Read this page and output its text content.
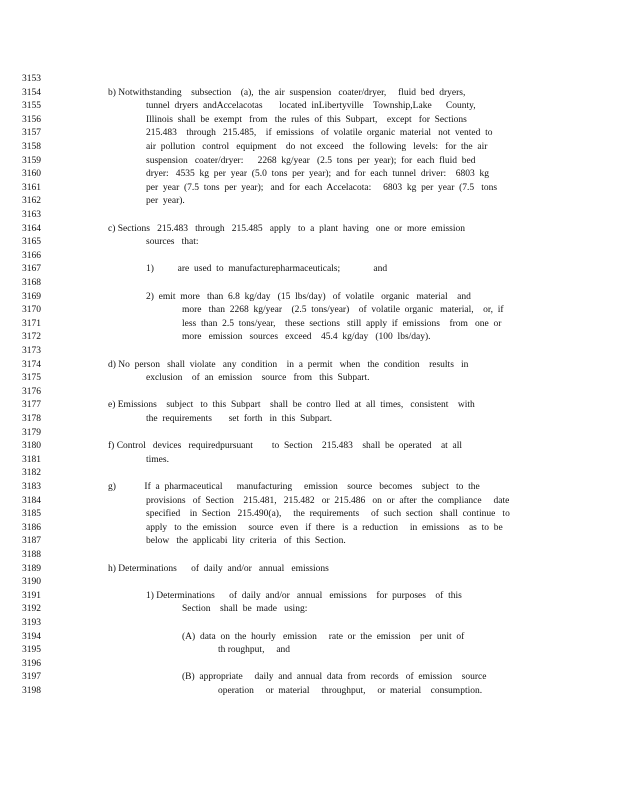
3153
3154	b) Notwithstanding    subsection    (a),  the  air  suspension   coater/dryer,     fluid  bed  dryers,
3155	tunnel  dryers  andAccelacotas       located  inLibertyville    Township,Lake      County,
3156	Illinois  shall  be  exempt   from   the  rules  of  this  Subpart,    except   for  Sections
3157	215.483    through   215.485,    if  emissions   of  volatile  organic  material   not  vented  to
3158	air  pollution   control   equipment    do  not  exceed    the  following   levels:   for  the  air
3159	suspension   coater/dryer:      2268  kg/year   (2.5  tons  per  year);  for  each  fluid  bed
3160	dryer:   4535  kg  per  year  (5.0  tons  per  year);  and  for  each  tunnel  driver:    6803  kg
3161	per  year  (7.5  tons  per  year);   and  for  each  Accelacota:     6803  kg  per  year  (7.5   tons
3162	per  year).
3163
3164	c) Sections   215.483   through   215.485   apply   to  a  plant  having   one  or  more  emission
3165	sources   that:
3166
3167	1)          are  used  to  manufacturepharmaceuticals;              and
3168
3169	2)  emit  more   than  6.8  kg/day   (15  lbs/day)   of  volatile   organic   material    and
3170	more   than  2268  kg/year    (2.5  tons/year)    of  volatile  organic   material,    or,  if
3171	less  than  2.5  tons/year,    these  sections   still  apply  if  emissions    from   one  or
3172	more   emission   sources   exceed    45.4  kg/day   (100  lbs/day).
3173
3174	d) No  person   shall  violate   any  condition    in  a  permit   when   the  condition    results   in
3175	exclusion    of  an  emission    source   from   this  Subpart.
3176
3177	e) Emissions    subject   to  this  Subpart    shall  be  contro  lled  at  all  times,   consistent    with
3178	the  requirements       set  forth   in  this  Subpart.
3179
3180	f) Control   devices   requiredpursuant        to  Section    215.483    shall  be  operated    at  all
3181	times.
3182
3183	g)            If  a  pharmaceutical      manufacturing     emission    source   becomes    subject   to  the
3184	provisions   of  Section    215.481,   215.482   or  215.486   on  or  after  the  compliance     date
3185	specified    in  Section   215.490(a),     the  requirements     of  such  section   shall  continue   to
3186	apply   to  the  emission     source   even   if  there   is  a  reduction     in  emissions    as  to  be
3187	below   the  applicabi  lity  criteria   of  this  Section.
3188
3189	h) Determinations      of  daily  and/or   annual   emissions
3190
3191	1) Determinations      of  daily  and/or   annual   emissions    for  purposes    of  this
3192	Section    shall  be  made   using:
3193
3194	(A)  data  on  the  hourly   emission     rate  or  the  emission    per  unit  of
3195	th roughput,     and
3196
3197	(B)  appropriate     daily  and  annual  data  from  records   of  emission    source
3198	operation     or  material     throughput,     or  material    consumption.
